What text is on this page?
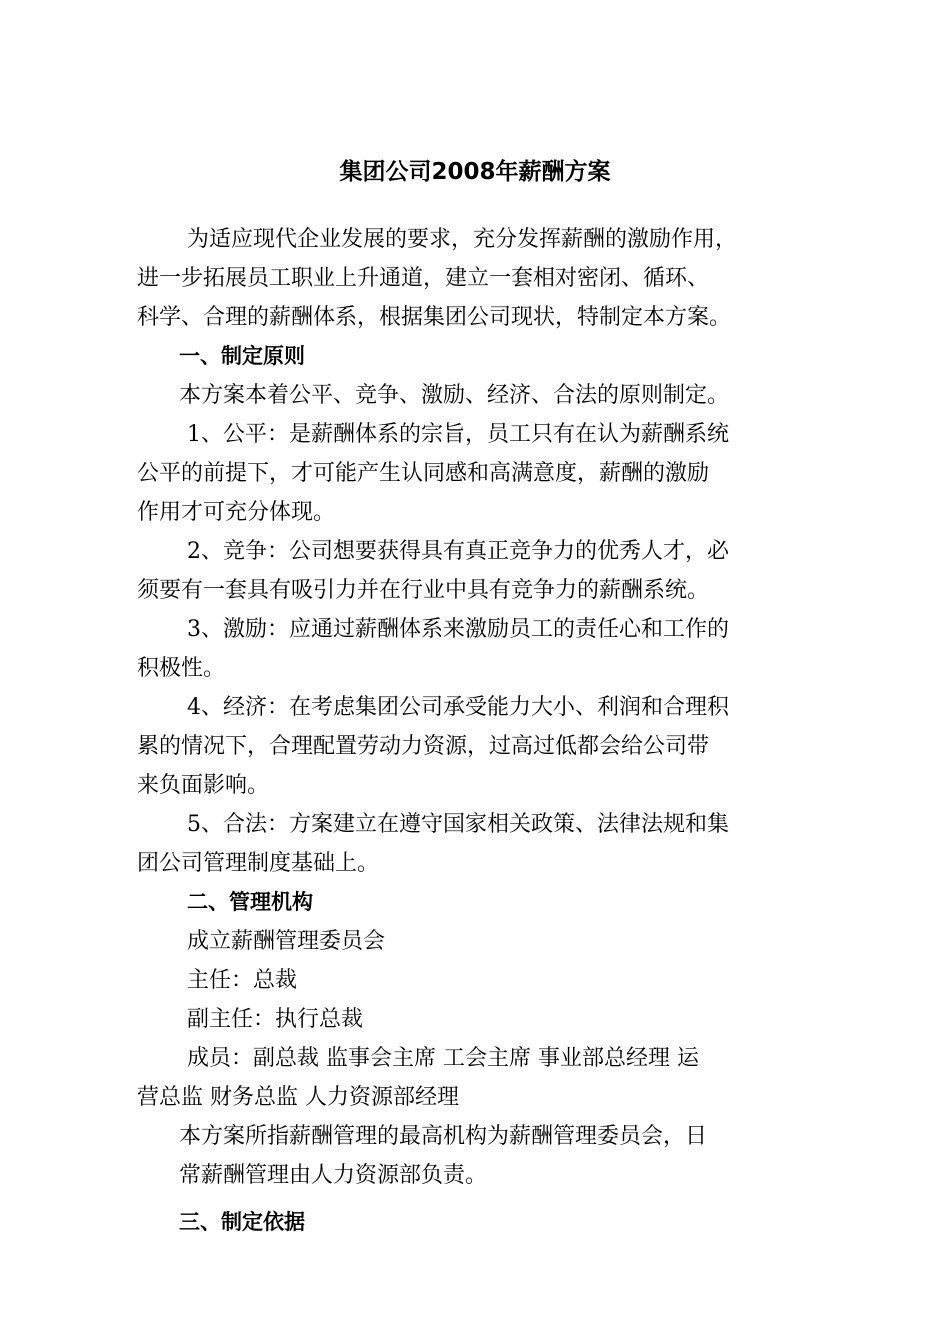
集团公司2008年薪酬方案

为适应现代企业发展的要求，充分发挥薪酬的激励作用，
进一步拓展员工职业上升通道，建立一套相对密闭、循环、
科学、合理的薪酬体系，根据集团公司现状，特制定本方案。

一、制定原则

本方案本着公平、竞争、激励、经济、合法的原则制定。

1、公平：是薪酬体系的宗旨，员工只有在认为薪酬系统
公平的前提下，才可能产生认同感和高满意度，薪酬的激励
作用才可充分体现。

2、竞争：公司想要获得具有真正竞争力的优秀人才，必
须要有一套具有吸引力并在行业中具有竞争力的薪酬系统。

3、激励：应通过薪酬体系来激励员工的责任心和工作的
积极性。

4、经济：在考虑集团公司承受能力大小、利润和合理积
累的情况下，合理配置劳动力资源，过高过低都会给公司带
来负面影响。

5、合法：方案建立在遵守国家相关政策、法律法规和集
团公司管理制度基础上。

二、管理机构

成立薪酬管理委员会

主任：总裁

副主任：执行总裁

成员：副总裁 监事会主席 工会主席 事业部总经理 运
营总监 财务总监 人力资源部经理

本方案所指薪酬管理的最高机构为薪酬管理委员会，日
常薪酬管理由人力资源部负责。

三、制定依据
